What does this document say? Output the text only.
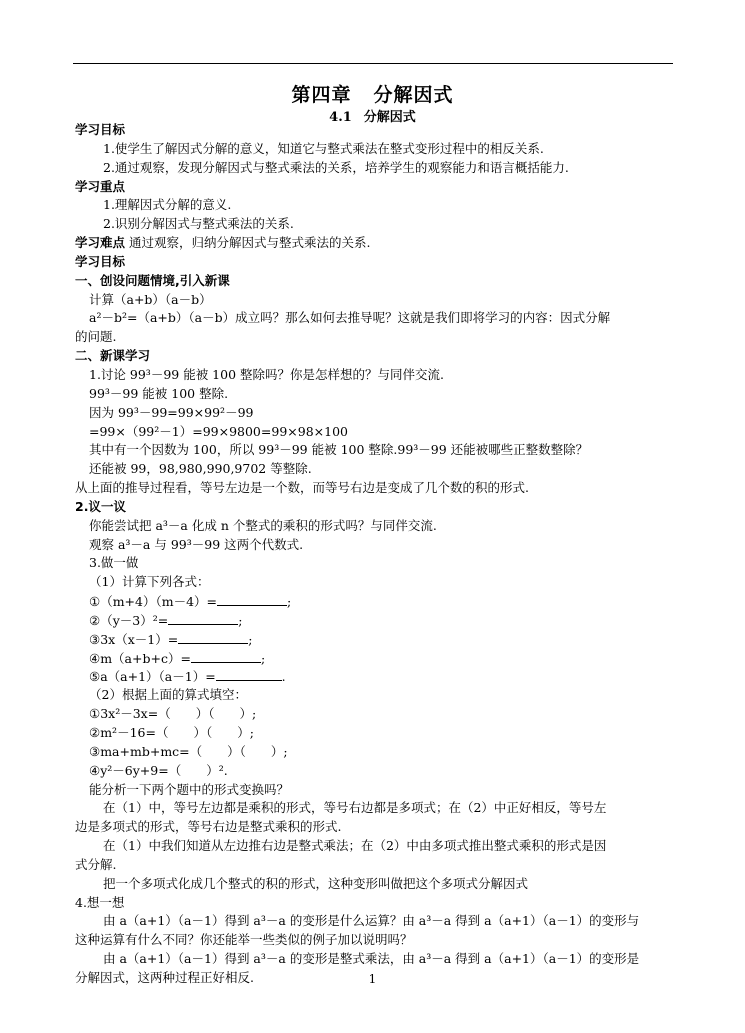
第四章 分解因式
4.1 分解因式
学习目标
1.使学生了解因式分解的意义，知道它与整式乘法在整式变形过程中的相反关系.
2.通过观察，发现分解因式与整式乘法的关系，培养学生的观察能力和语言概括能力.
学习重点
1.理解因式分解的意义.
2.识别分解因式与整式乘法的关系.
学习难点 通过观察，归纳分解因式与整式乘法的关系.
学习目标
一、创设问题情境,引入新课
计算（a+b）（a－b）
a²－b²=（a+b）（a－b）成立吗？那么如何去推导呢？这就是我们即将学习的内容：因式分解
的问题.
二、新课学习
1.讨论 99³－99 能被 100 整除吗？你是怎样想的？与同伴交流.
99³－99 能被 100 整除.
因为 99³－99=99×99²－99
=99×（99²－1）=99×9800=99×98×100
其中有一个因数为 100，所以 99³－99 能被 100 整除.99³－99 还能被哪些正整数整除？
还能被 99，98,980,990,9702 等整除.
从上面的推导过程看，等号左边是一个数，而等号右边是变成了几个数的积的形式.
2.议一议
你能尝试把 a³－a 化成 n 个整式的乘积的形式吗？与同伴交流.
观察 a³－a 与 99³－99 这两个代数式.
3.做一做
（1）计算下列各式：
①（m+4）（m－4）=	;
②（y－3）²=	;
③3x（x－1）=	;
④m（a+b+c）=	;
⑤a（a+1）（a－1）=	.
（2）根据上面的算式填空：
①3x²－3x=（　　）（　　）;
②m²－16=（　　）（　　）;
③ma+mb+mc=（　　）（　　）;
④y²－6y+9=（　　）².
能分析一下两个题中的形式变换吗？
在（1）中，等号左边都是乘积的形式，等号右边都是多项式；在（2）中正好相反，等号左
边是多项式的形式，等号右边是整式乘积的形式.
在（1）中我们知道从左边推右边是整式乘法；在（2）中由多项式推出整式乘积的形式是因
式分解.
把一个多项式化成几个整式的积的形式，这种变形叫做把这个多项式分解因式
4.想一想
由 a（a+1）（a－1）得到 a³－a 的变形是什么运算？由 a³－a 得到 a（a+1）（a－1）的变形与
这种运算有什么不同？你还能举一些类似的例子加以说明吗？
由 a（a+1）（a－1）得到 a³－a 的变形是整式乘法，由 a³－a 得到 a（a+1）（a－1）的变形是
分解因式，这两种过程正好相反.	1
